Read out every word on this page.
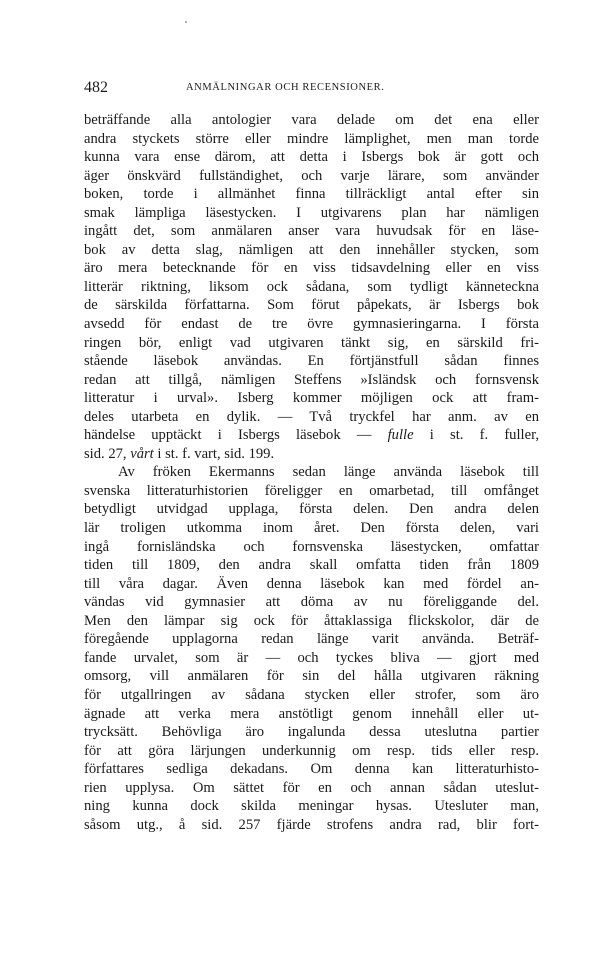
482	ANMÄLNINGAR OCH RECENSIONER.
beträffande alla antologier vara delade om det ena eller
andra styckets större eller mindre lämplighet, men man torde
kunna vara ense därom, att detta i Isbergs bok är gott och
äger önskvärd fullständighet, och varje lärare, som använder
boken, torde i allmänhet finna tillräckligt antal efter sin
smak lämpliga läsestycken. I utgivarens plan har nämligen
ingått det, som anmälaren anser vara huvudsak för en läse-
bok av detta slag, nämligen att den innehåller stycken, som
äro mera betecknande för en viss tidsavdelning eller en viss
litterär riktning, liksom ock sådana, som tydligt känneteckna
de särskilda författarna. Som förut påpekats, är Isbergs bok
avsedd för endast de tre övre gymnasieringarna. I första
ringen bör, enligt vad utgivaren tänkt sig, en särskild fri-
stående läsebok användas. En förtjänstfull sådan finnes
redan att tillgå, nämligen Steffens »Isländsk och fornsvensk
litteratur i urval». Isberg kommer möjligen ock att fram-
deles utarbeta en dylik. — Två tryckfel har anm. av en
händelse upptäckt i Isbergs läsebok — fulle i st. f. fuller,
sid. 27, vårt i st. f. vart, sid. 199.
Av fröken Ekermanns sedan länge använda läsebok till
svenska litteraturhistorien föreligger en omarbetad, till omfånget
betydligt utvidgad upplaga, första delen. Den andra delen
lär troligen utkomma inom året. Den första delen, vari
ingå fornisländska och fornsvenska läsestycken, omfattar
tiden till 1809, den andra skall omfatta tiden från 1809
till våra dagar. Även denna läsebok kan med fördel an-
vändas vid gymnasier att döma av nu föreliggande del.
Men den lämpar sig ock för åttaklassiga flickskolor, där de
föregående upplagorna redan länge varit använda. Beträf-
fande urvalet, som är — och tyckes bliva — gjort med
omsorg, vill anmälaren för sin del hålla utgivaren räkning
för utgallringen av sådana stycken eller strofer, som äro
ägnade att verka mera anstötligt genom innehåll eller ut-
trycksätt. Behövliga äro ingalunda dessa uteslutna partier
för att göra lärjungen underkunnig om resp. tids eller resp.
författares sedliga dekadans. Om denna kan litteraturhisto-
rien upplysa. Om sättet för en och annan sådan uteslut-
ning kunna dock skilda meningar hysas. Utesluter man,
såsom utg., å sid. 257 fjärde strofens andra rad, blir fort-
